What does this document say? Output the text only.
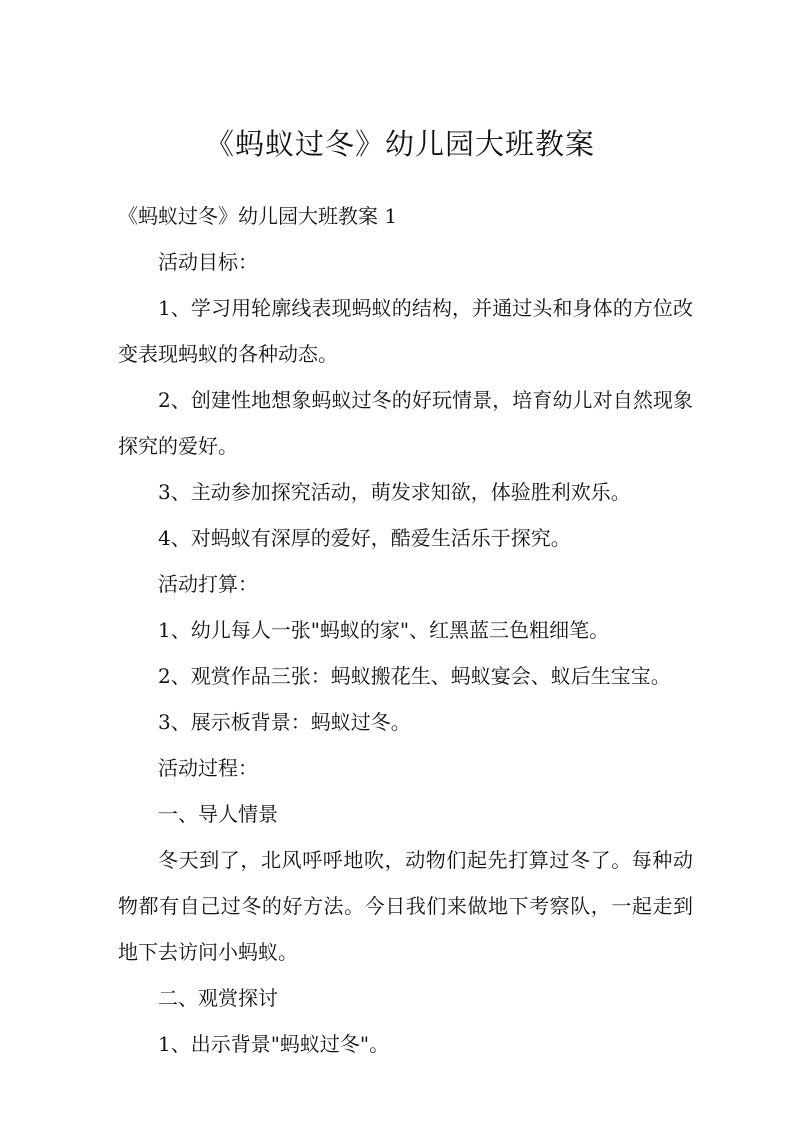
《蚂蚁过冬》幼儿园大班教案

《蚂蚁过冬》幼儿园大班教案 1

活动目标：

1、学习用轮廓线表现蚂蚁的结构，并通过头和身体的方位改变表现蚂蚁的各种动态。

2、创建性地想象蚂蚁过冬的好玩情景，培育幼儿对自然现象探究的爱好。

3、主动参加探究活动，萌发求知欲，体验胜利欢乐。

4、对蚂蚁有深厚的爱好，酷爱生活乐于探究。

活动打算：

1、幼儿每人一张"蚂蚁的家"、红黑蓝三色粗细笔。

2、观赏作品三张：蚂蚁搬花生、蚂蚁宴会、蚁后生宝宝。

3、展示板背景：蚂蚁过冬。

活动过程：

一、导人情景

冬天到了，北风呼呼地吹，动物们起先打算过冬了。每种动物都有自己过冬的好方法。今日我们来做地下考察队，一起走到地下去访问小蚂蚁。

二、观赏探讨

1、出示背景"蚂蚁过冬"。
